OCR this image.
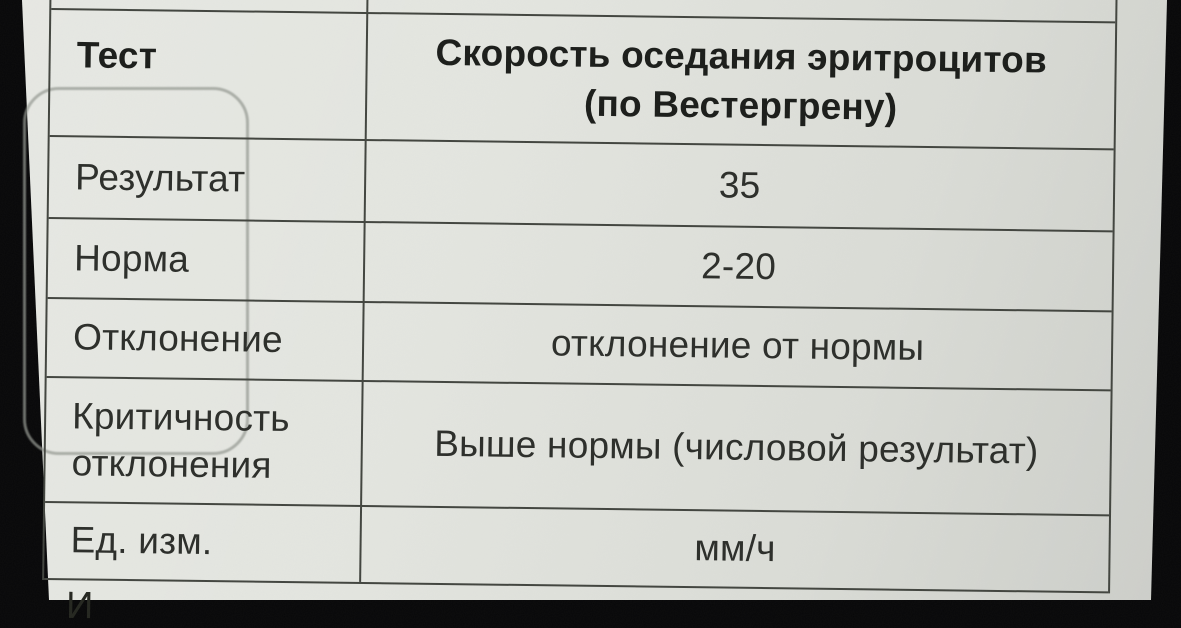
Тест	Скорость оседания эритроцитов (по Вестергрену)
Результат	35
Норма	2-20
Отклонение	отклонение от нормы
Критичность отклонения	Выше нормы (числовой результат)
Ед. изм.	мм/ч
И
